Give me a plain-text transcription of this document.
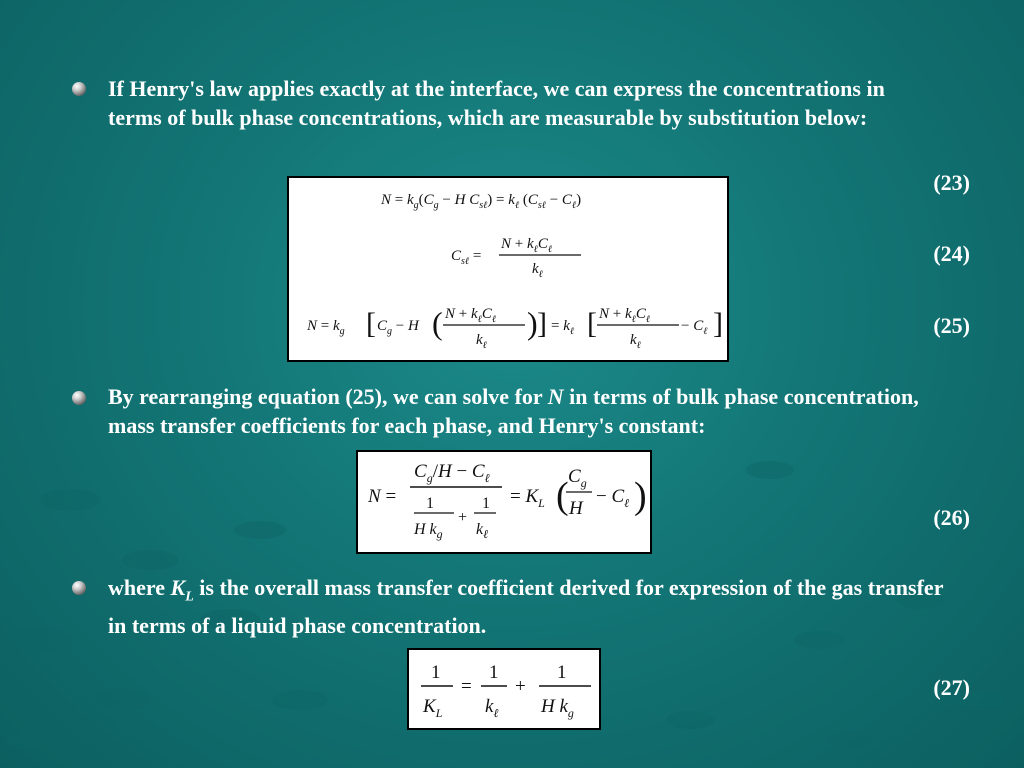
If Henry's law applies exactly at the interface, we can express the concentrations in terms of bulk phase concentrations, which are measurable by substitution below:
$N = k_g(C_g - H$ $C_{s\ell}) = k_\ell$ $(C_{s\ell} - C_\ell)$
$C_{s\ell}$ =
$N + k_\ell C_\ell$
$k_\ell$
$N = k_g$ [ $C_g - H$ ( $N + k_\ell C_\ell$
$k_\ell$
) ] = $k_\ell$ [ $N + k_\ell C_\ell$
$k_\ell$
− $C_\ell$ ]
(23)
(24)
(25)
By rearranging equation (25), we can solve for N in terms of bulk phase concentration, mass transfer coefficients for each phase, and Henry's constant:
N =
$C_g/H - C_\ell$
1
H $k_g$
+
1
$k_\ell$
= $K_L$ ( $C_g$
H
− $C_\ell$ )
(26)
where $K_L$ is the overall mass transfer coefficient derived for expression of the gas transfer in terms of a liquid phase concentration.
1
$K_L$
=
1
$k_\ell$
+
1
H $k_g$
(27)
